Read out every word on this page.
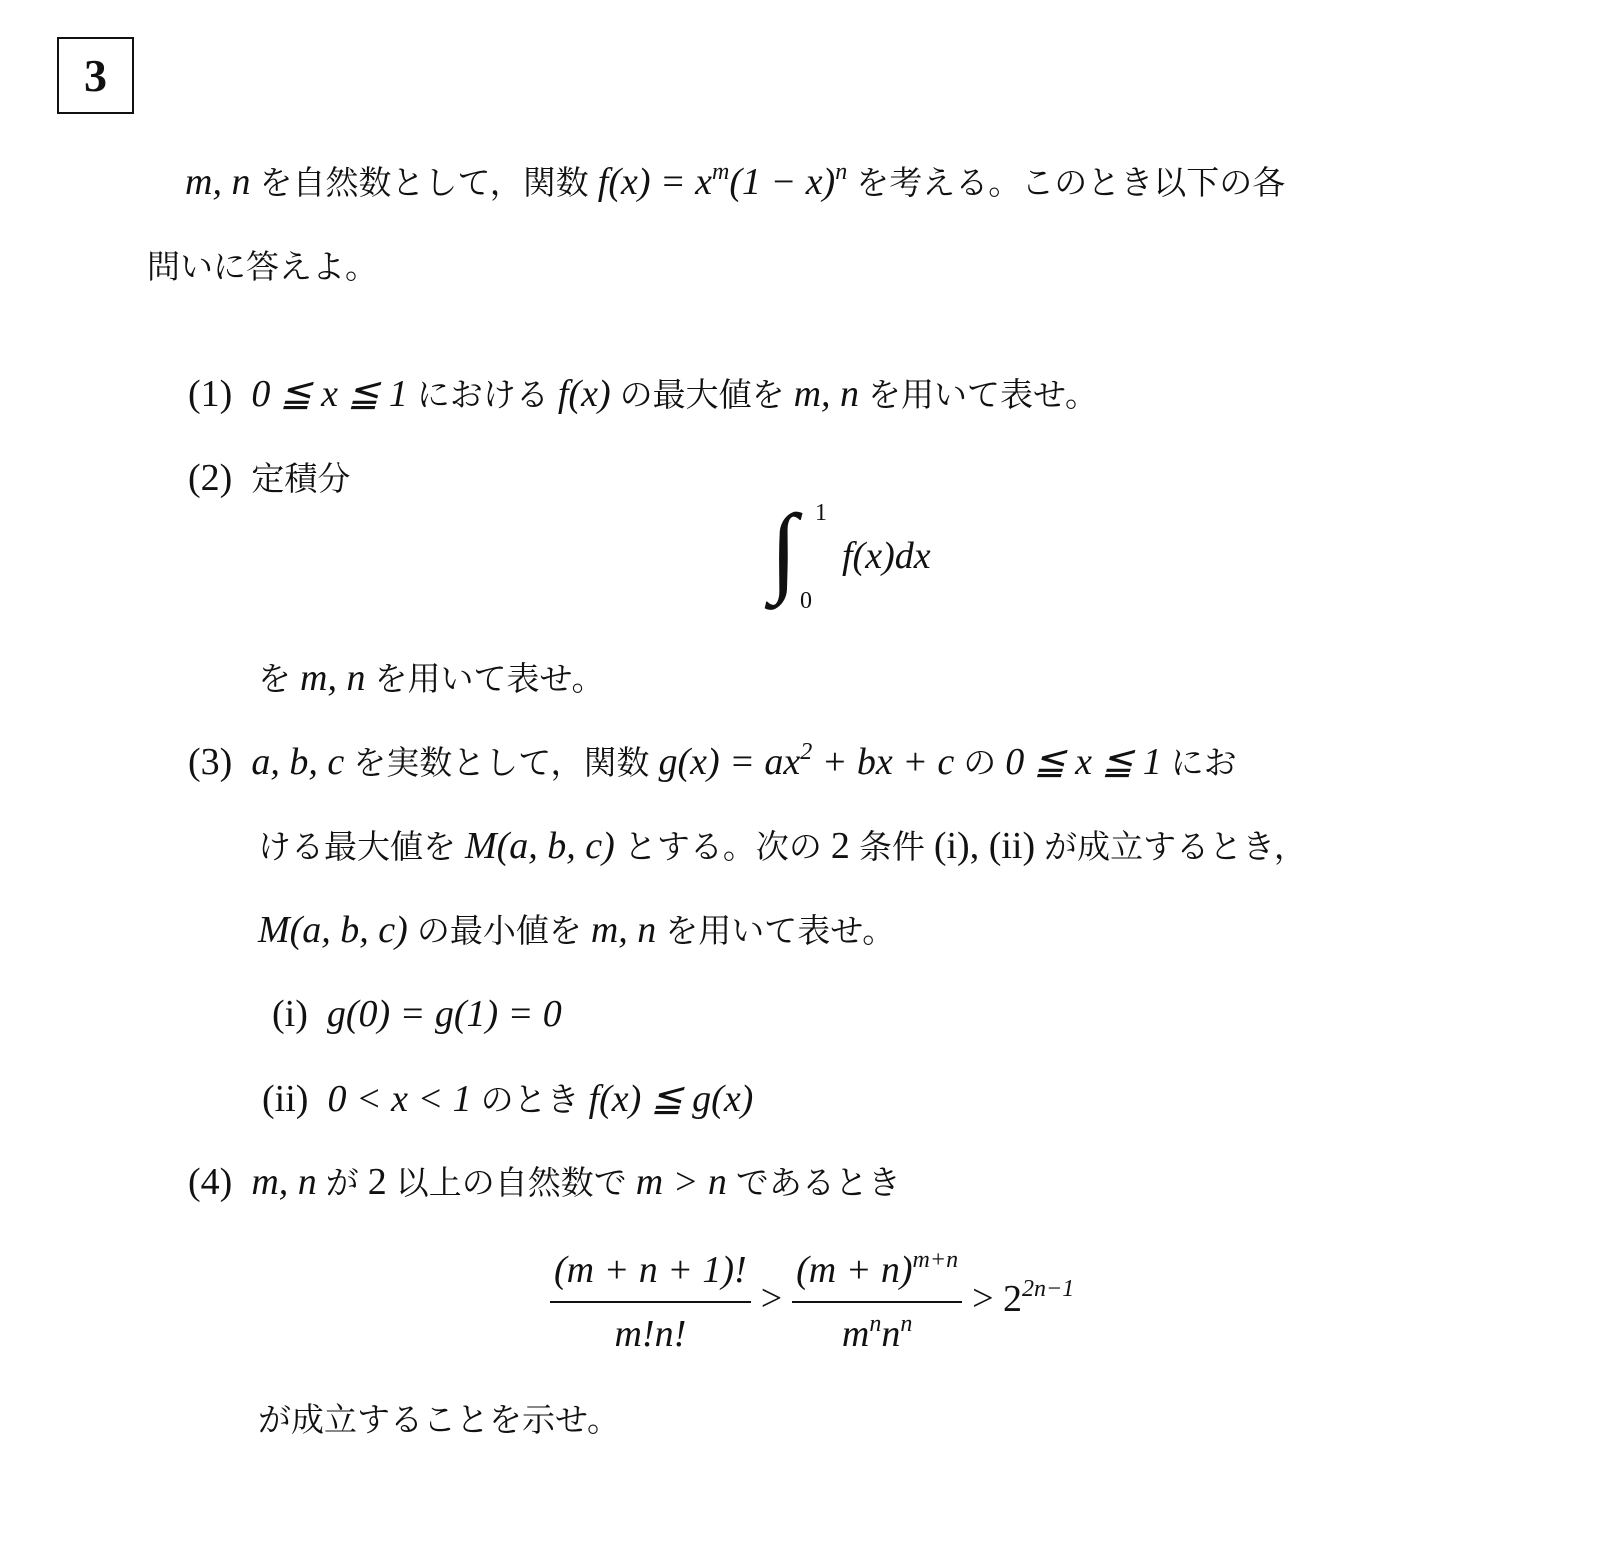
3
m, n を自然数として，関数 $f(x) = x^m(1 - x)^n$ を考える。このとき以下の各
問いに答えよ。
(1) 0 ≦ x ≦ 1 における f(x) の最大値を m, n を用いて表せ。
(2) 定積分
∫ 1
0
f(x)dx
を m, n を用いて表せ。
(3) a, b, c を実数として，関数 $g(x) = ax^2$ + bx + c の 0 ≦ x ≦ 1 にお
ける最大値を M(a, b, c) とする。次の 2 条件 (i), (ii) が成立するとき，
M(a, b, c) の最小値を m, n を用いて表せ。
(i) g(0) = g(1) = 0
(ii) 0 < x < 1 のとき f(x) ≦ g(x)
(4) m, n が 2 以上の自然数で m > n であるとき
$\frac{(m + n + 1)!}{m!n!} > \frac{(m + n)^{m+n}}{m^nn^n} > 2^{2n-1}$
が成立することを示せ。
